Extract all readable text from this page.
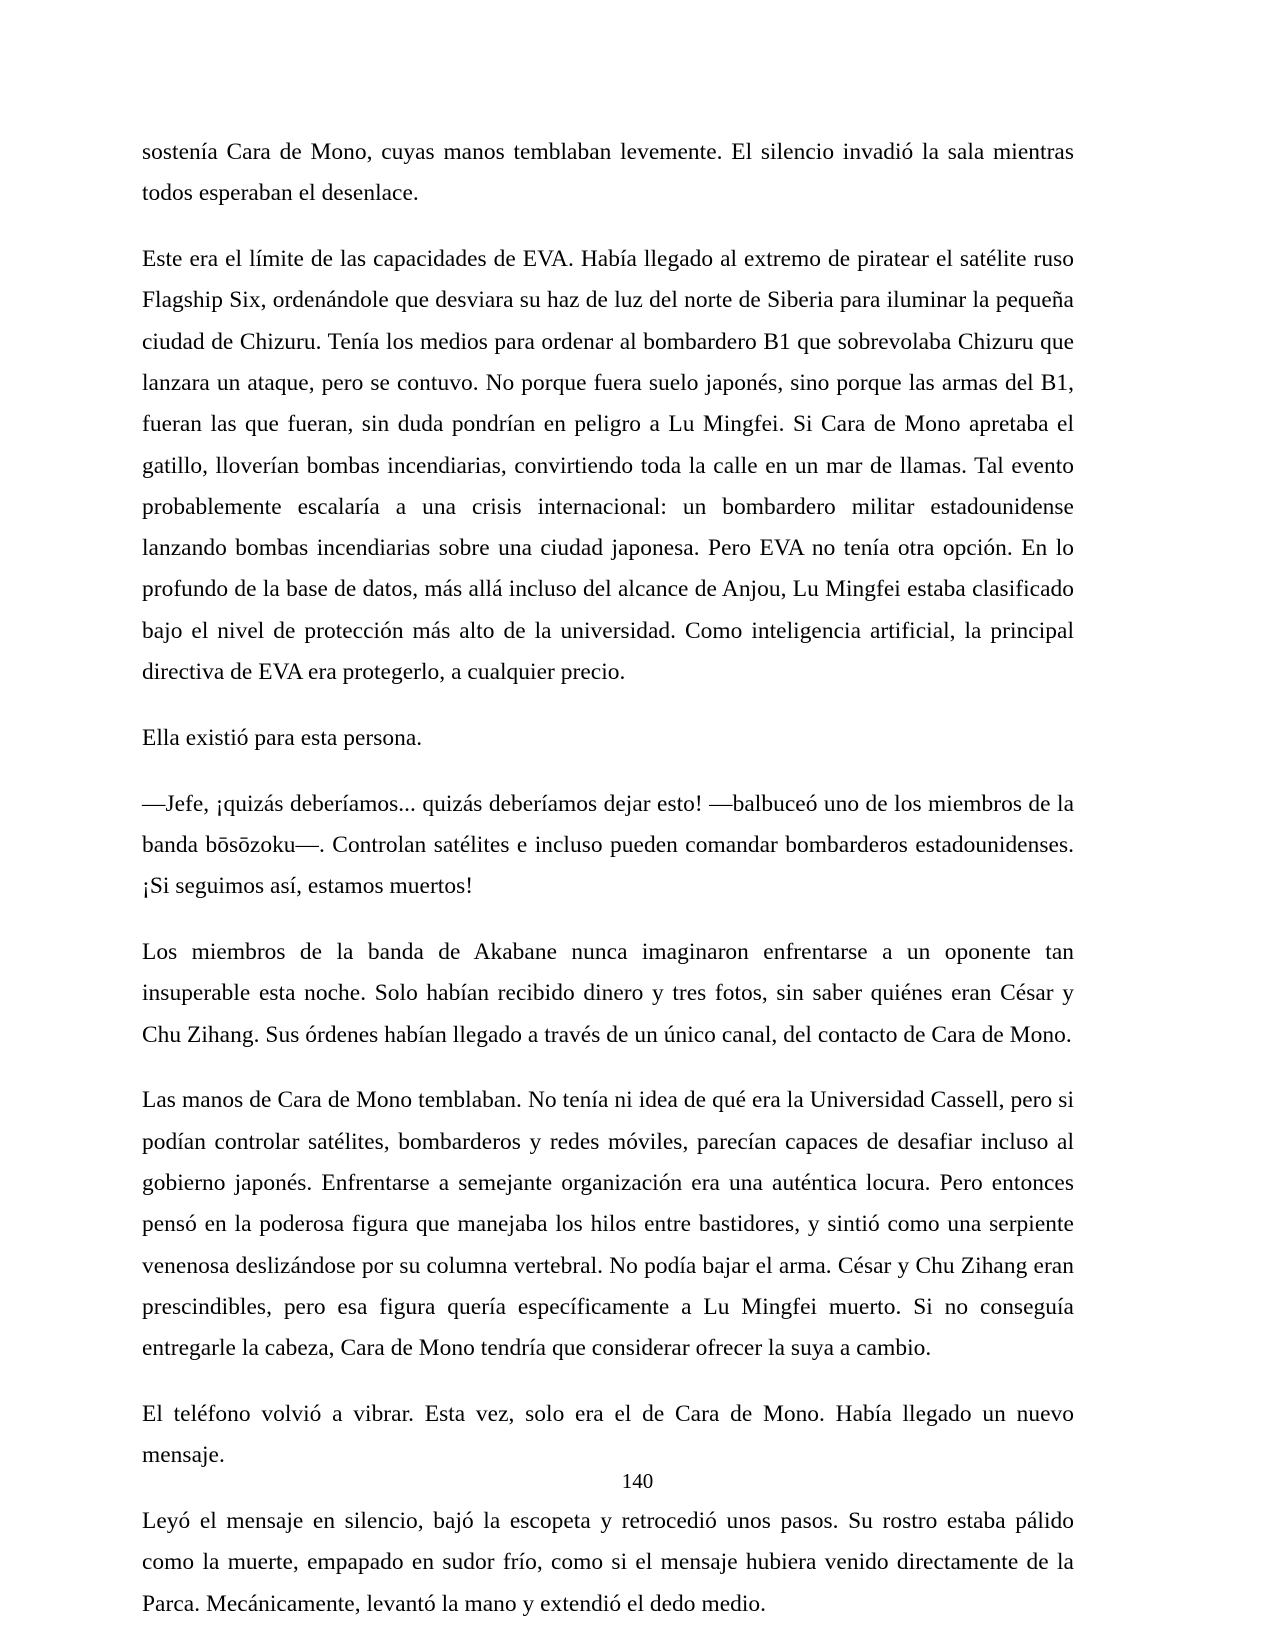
sostenía Cara de Mono, cuyas manos temblaban levemente. El silencio invadió la sala mientras todos esperaban el desenlace.

Este era el límite de las capacidades de EVA. Había llegado al extremo de piratear el satélite ruso Flagship Six, ordenándole que desviara su haz de luz del norte de Siberia para iluminar la pequeña ciudad de Chizuru. Tenía los medios para ordenar al bombardero B1 que sobrevolaba Chizuru que lanzara un ataque, pero se contuvo. No porque fuera suelo japonés, sino porque las armas del B1, fueran las que fueran, sin duda pondrían en peligro a Lu Mingfei. Si Cara de Mono apretaba el gatillo, lloverían bombas incendiarias, convirtiendo toda la calle en un mar de llamas. Tal evento probablemente escalaría a una crisis internacional: un bombardero militar estadounidense lanzando bombas incendiarias sobre una ciudad japonesa. Pero EVA no tenía otra opción. En lo profundo de la base de datos, más allá incluso del alcance de Anjou, Lu Mingfei estaba clasificado bajo el nivel de protección más alto de la universidad. Como inteligencia artificial, la principal directiva de EVA era protegerlo, a cualquier precio.

Ella existió para esta persona.

—Jefe, ¡quizás deberíamos... quizás deberíamos dejar esto! —balbuceó uno de los miembros de la banda bōsōzoku—. Controlan satélites e incluso pueden comandar bombarderos estadounidenses. ¡Si seguimos así, estamos muertos!

Los miembros de la banda de Akabane nunca imaginaron enfrentarse a un oponente tan insuperable esta noche. Solo habían recibido dinero y tres fotos, sin saber quiénes eran César y Chu Zihang. Sus órdenes habían llegado a través de un único canal, del contacto de Cara de Mono.

Las manos de Cara de Mono temblaban. No tenía ni idea de qué era la Universidad Cassell, pero si podían controlar satélites, bombarderos y redes móviles, parecían capaces de desafiar incluso al gobierno japonés. Enfrentarse a semejante organización era una auténtica locura. Pero entonces pensó en la poderosa figura que manejaba los hilos entre bastidores, y sintió como una serpiente venenosa deslizándose por su columna vertebral. No podía bajar el arma. César y Chu Zihang eran prescindibles, pero esa figura quería específicamente a Lu Mingfei muerto. Si no conseguía entregarle la cabeza, Cara de Mono tendría que considerar ofrecer la suya a cambio.

El teléfono volvió a vibrar. Esta vez, solo era el de Cara de Mono. Había llegado un nuevo mensaje.

Leyó el mensaje en silencio, bajó la escopeta y retrocedió unos pasos. Su rostro estaba pálido como la muerte, empapado en sudor frío, como si el mensaje hubiera venido directamente de la Parca. Mecánicamente, levantó la mano y extendió el dedo medio.

140
